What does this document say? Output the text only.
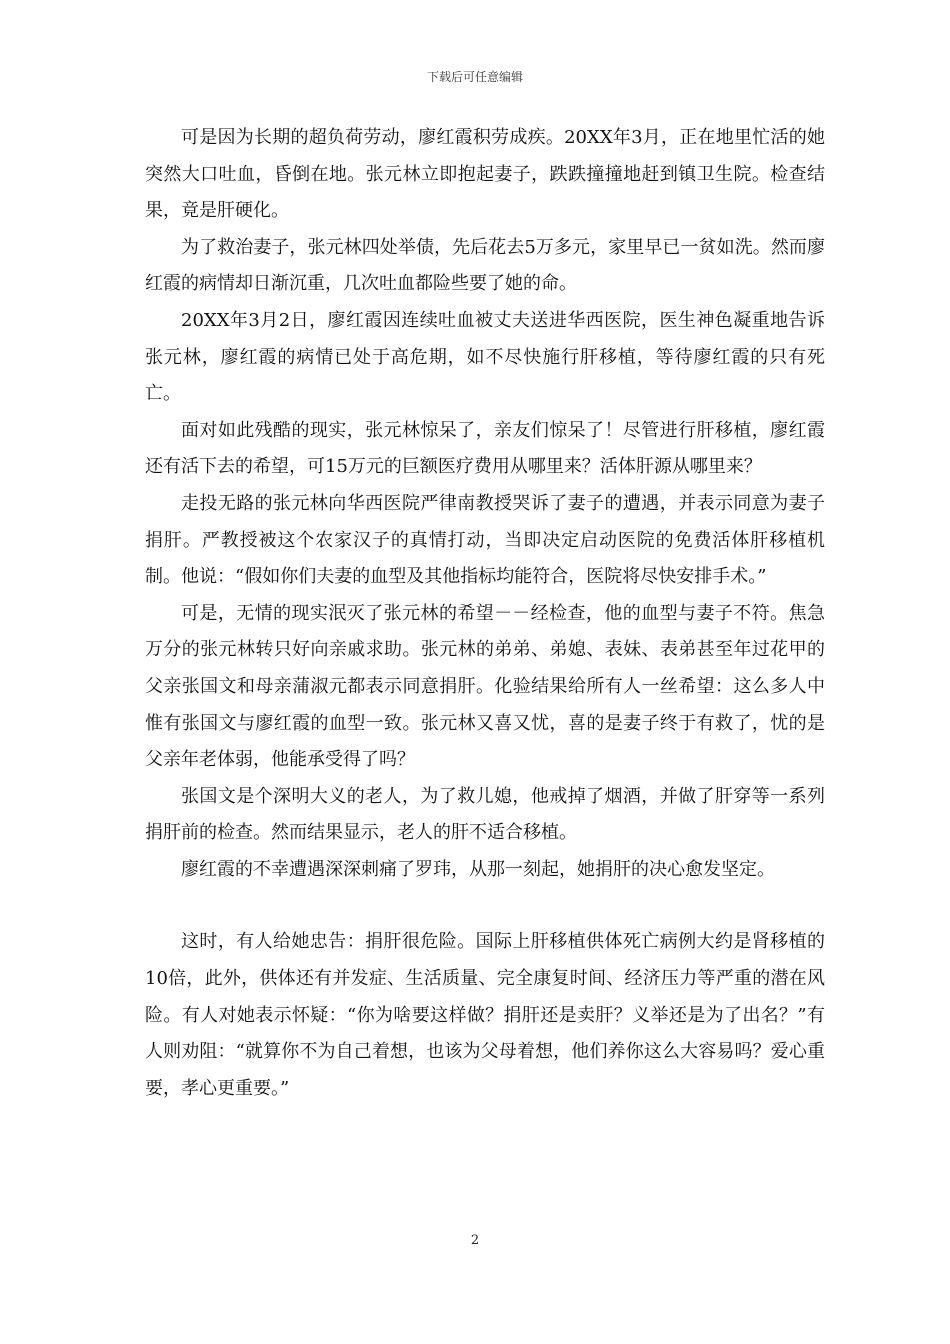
下载后可任意编辑

可是因为长期的超负荷劳动，廖红霞积劳成疾。20XX年3月，正在地里忙活的她突然大口吐血，昏倒在地。张元林立即抱起妻子，跌跌撞撞地赶到镇卫生院。检查结果，竟是肝硬化。

为了救治妻子，张元林四处举债，先后花去5万多元，家里早已一贫如洗。然而廖红霞的病情却日渐沉重，几次吐血都险些要了她的命。

20XX年3月2日，廖红霞因连续吐血被丈夫送进华西医院，医生神色凝重地告诉张元林，廖红霞的病情已处于高危期，如不尽快施行肝移植，等待廖红霞的只有死亡。

面对如此残酷的现实，张元林惊呆了，亲友们惊呆了！尽管进行肝移植，廖红霞还有活下去的希望，可15万元的巨额医疗费用从哪里来？活体肝源从哪里来？

走投无路的张元林向华西医院严律南教授哭诉了妻子的遭遇，并表示同意为妻子捐肝。严教授被这个农家汉子的真情打动，当即决定启动医院的免费活体肝移植机制。他说：“假如你们夫妻的血型及其他指标均能符合，医院将尽快安排手术。”

可是，无情的现实泯灭了张元林的希望－－经检查，他的血型与妻子不符。焦急万分的张元林转只好向亲戚求助。张元林的弟弟、弟媳、表妹、表弟甚至年过花甲的父亲张国文和母亲蒲淑元都表示同意捐肝。化验结果给所有人一丝希望：这么多人中惟有张国文与廖红霞的血型一致。张元林又喜又忧，喜的是妻子终于有救了，忧的是父亲年老体弱，他能承受得了吗？

张国文是个深明大义的老人，为了救儿媳，他戒掉了烟酒，并做了肝穿等一系列捐肝前的检查。然而结果显示，老人的肝不适合移植。

廖红霞的不幸遭遇深深刺痛了罗玮，从那一刻起，她捐肝的决心愈发坚定。

这时，有人给她忠告：捐肝很危险。国际上肝移植供体死亡病例大约是肾移植的10倍，此外，供体还有并发症、生活质量、完全康复时间、经济压力等严重的潜在风险。有人对她表示怀疑：“你为啥要这样做？捐肝还是卖肝？义举还是为了出名？”有人则劝阻：“就算你不为自己着想，也该为父母着想，他们养你这么大容易吗？爱心重要，孝心更重要。”

2
